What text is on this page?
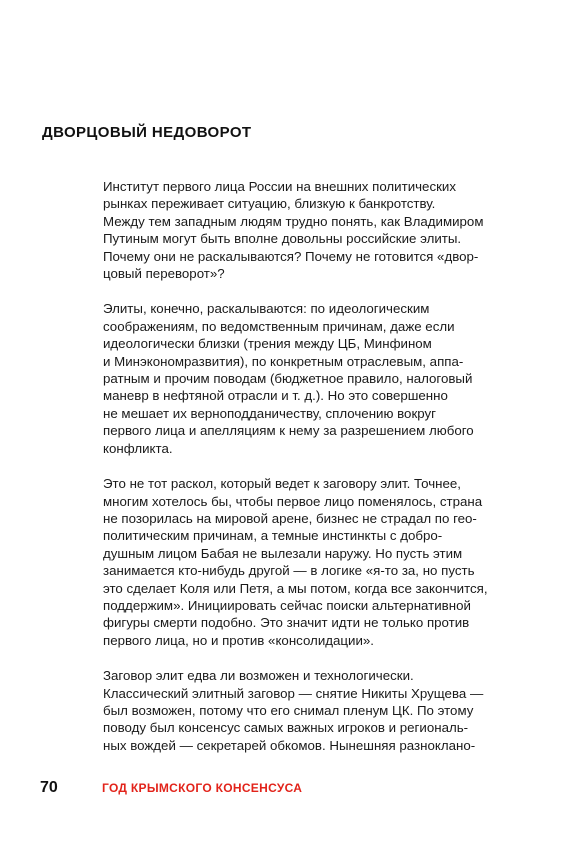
ДВОРЦОВЫЙ НЕДОВОРОТ

Институт первого лица России на внешних политических
рынках переживает ситуацию, близкую к банкротству.
Между тем западным людям трудно понять, как Владимиром
Путиным могут быть вполне довольны российские элиты.
Почему они не раскалываются? Почему не готовится «двор-
цовый переворот»?

Элиты, конечно, раскалываются: по идеологическим
соображениям, по ведомственным причинам, даже если
идеологически близки (трения между ЦБ, Минфином
и Минэкономразвития), по конкретным отраслевым, аппа-
ратным и прочим поводам (бюджетное правило, налоговый
маневр в нефтяной отрасли и т. д.). Но это совершенно
не мешает их верноподданичеству, сплочению вокруг
первого лица и апелляциям к нему за разрешением любого
конфликта.

Это не тот раскол, который ведет к заговору элит. Точнее,
многим хотелось бы, чтобы первое лицо поменялось, страна
не позорилась на мировой арене, бизнес не страдал по гео-
политическим причинам, а темные инстинкты с добро-
душным лицом Бабая не вылезали наружу. Но пусть этим
занимается кто-нибудь другой — в логике «я-то за, но пусть
это сделает Коля или Петя, а мы потом, когда все закончится,
поддержим». Инициировать сейчас поиски альтернативной
фигуры смерти подобно. Это значит идти не только против
первого лица, но и против «консолидации».

Заговор элит едва ли возможен и технологически.
Классический элитный заговор — снятие Никиты Хрущева —
был возможен, потому что его снимал пленум ЦК. По этому
поводу был консенсус самых важных игроков и региональ-
ных вождей — секретарей обкомов. Нынешняя разноклано-

70	ГОД КРЫМСКОГО КОНСЕНСУСА
